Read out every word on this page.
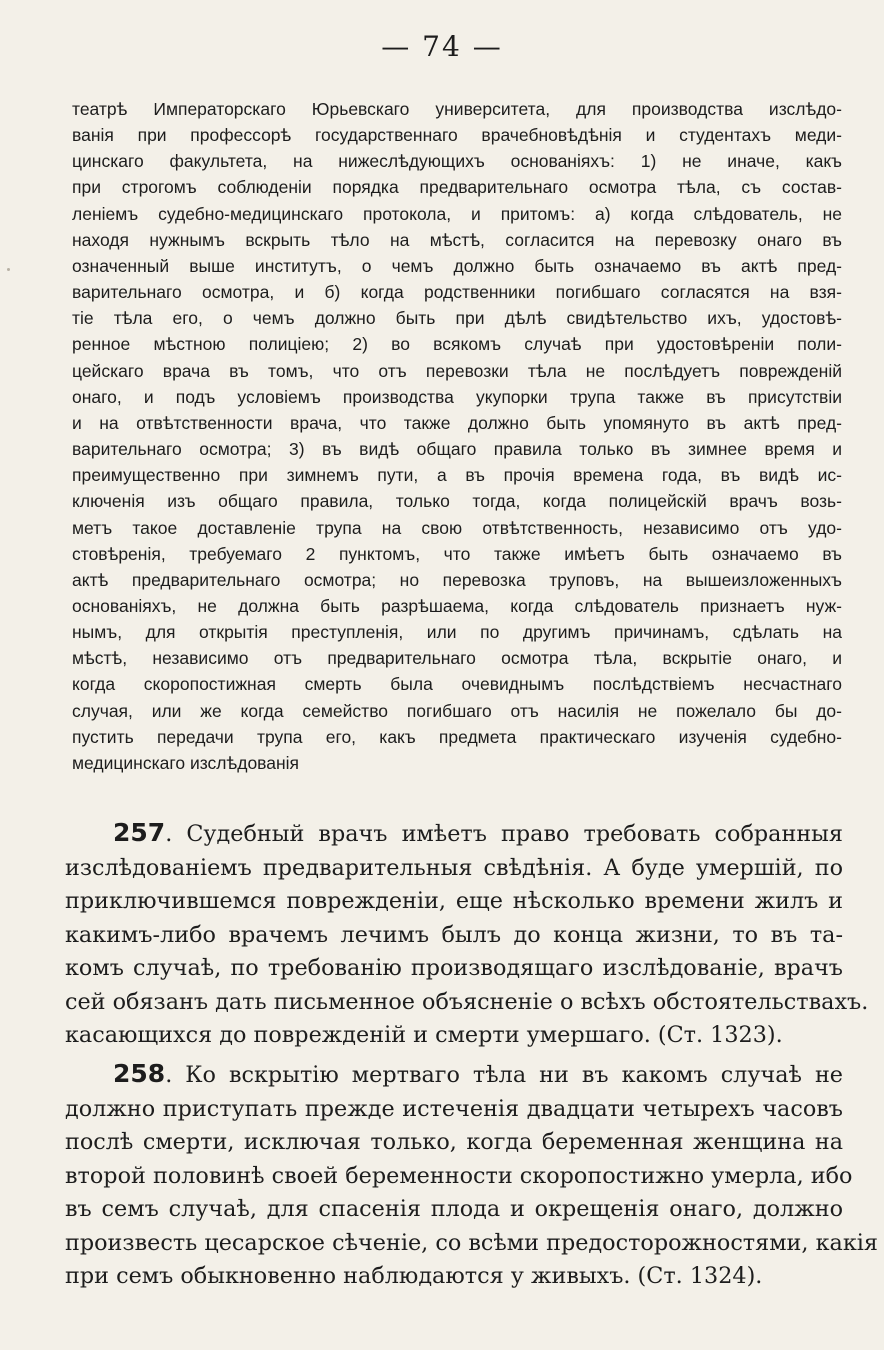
— 74 —
театрѣ Императорскаго Юрьевскаго университета, для производства изслѣдо-
ванія при профессорѣ государственнаго врачебновѣдѣнія и студентахъ меди-
цинскаго факультета, на нижеслѣдующихъ основаніяхъ: 1) не иначе, какъ
при строгомъ соблюденіи порядка предварительнаго осмотра тѣла, съ состав-
леніемъ судебно-медицинскаго протокола, и притомъ: а) когда слѣдователь, не
находя нужнымъ вскрыть тѣло на мѣстѣ, согласится на перевозку онаго въ
означенный выше институтъ, о чемъ должно быть означаемо въ актѣ пред-
варительнаго осмотра, и б) когда родственники погибшаго согласятся на взя-
тіе тѣла его, о чемъ должно быть при дѣлѣ свидѣтельство ихъ, удостовѣ-
ренное мѣстною полиціею; 2) во всякомъ случаѣ при удостовѣреніи поли-
цейскаго врача въ томъ, что отъ перевозки тѣла не послѣдуетъ поврежденій
онаго, и подъ условіемъ производства укупорки трупа также въ присутствіи
и на отвѣтственности врача, что также должно быть упомянуто въ актѣ пред-
варительнаго осмотра; 3) въ видѣ общаго правила только въ зимнее время и
преимущественно при зимнемъ пути, а въ прочія времена года, въ видѣ ис-
ключенія изъ общаго правила, только тогда, когда полицейскій врачъ возь-
метъ такое доставленіе трупа на свою отвѣтственность, независимо отъ удо-
стовѣренія, требуемаго 2 пунктомъ, что также имѣетъ быть означаемо въ
актѣ предварительнаго осмотра; но перевозка труповъ, на вышеизложенныхъ
основаніяхъ, не должна быть разрѣшаема, когда слѣдователь признаетъ нуж-
нымъ, для открытія преступленія, или по другимъ причинамъ, сдѣлать на
мѣстѣ, независимо отъ предварительнаго осмотра тѣла, вскрытіе онаго, и
когда скоропостижная смерть была очевиднымъ послѣдствіемъ несчастнаго
случая, или же когда семейство погибшаго отъ насилія не пожелало бы до-
пустить передачи трупа его, какъ предмета практическаго изученія судебно-
медицинскаго изслѣдованія
257. Судебный врачъ имѣетъ право требовать собранныя
изслѣдованіемъ предварительныя свѣдѣнія. А буде умершій, по
приключившемся поврежденіи, еще нѣсколько времени жилъ и
какимъ-либо врачемъ лечимъ былъ до конца жизни, то въ та-
комъ случаѣ, по требованію производящаго изслѣдованіе, врачъ
сей обязанъ дать письменное объясненіе о всѣхъ обстоятельствахъ.
касающихся до поврежденій и смерти умершаго. (Ст. 1323).
258. Ко вскрытію мертваго тѣла ни въ какомъ случаѣ не
должно приступать прежде истеченія двадцати четырехъ часовъ
послѣ смерти, исключая только, когда беременная женщина на
второй половинѣ своей беременности скоропостижно умерла, ибо
въ семъ случаѣ, для спасенія плода и окрещенія онаго, должно
произвесть цесарское сѣченіе, со всѣми предосторожностями, какія
при семъ обыкновенно наблюдаются у живыхъ. (Ст. 1324).
